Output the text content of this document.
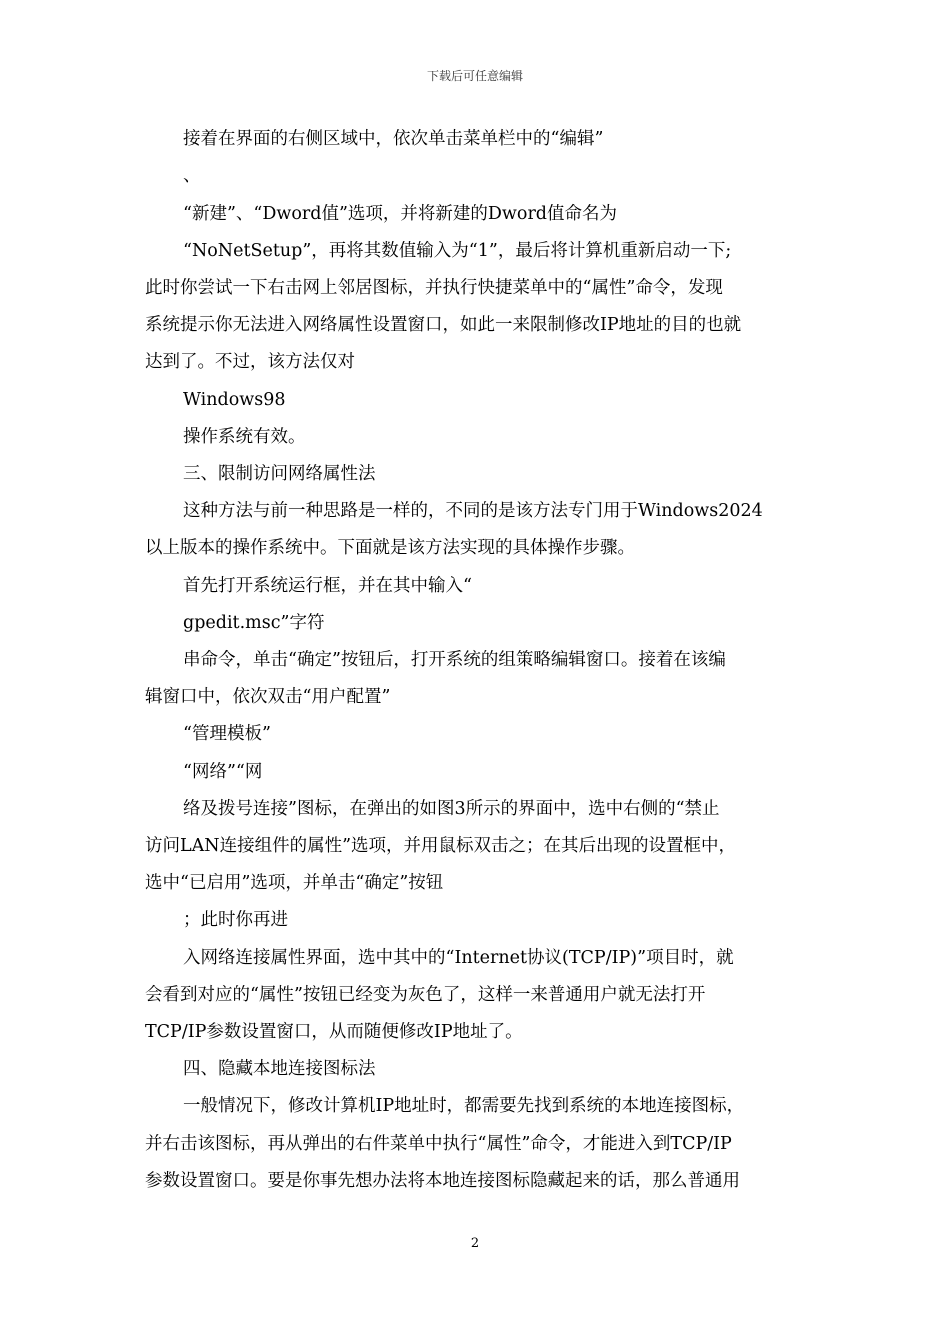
下载后可任意编辑
接着在界面的右侧区域中，依次单击菜单栏中的“编辑”
、
“新建”、“Dword值”选项，并将新建的Dword值命名为
“NoNetSetup”，再将其数值输入为“1”，最后将计算机重新启动一下;
此时你尝试一下右击网上邻居图标，并执行快捷菜单中的“属性”命令，发现
系统提示你无法进入网络属性设置窗口，如此一来限制修改IP地址的目的也就
达到了。不过，该方法仅对
Windows98
操作系统有效。
三、限制访问网络属性法
这种方法与前一种思路是一样的，不同的是该方法专门用于Windows2024
以上版本的操作系统中。下面就是该方法实现的具体操作步骤。
首先打开系统运行框，并在其中输入“
gpedit.msc”字符
串命令，单击“确定”按钮后，打开系统的组策略编辑窗口。接着在该编
辑窗口中，依次双击“用户配置”
“管理模板”
“网络”“网
络及拨号连接”图标，在弹出的如图3所示的界面中，选中右侧的“禁止
访问LAN连接组件的属性”选项，并用鼠标双击之；在其后出现的设置框中，
选中“已启用”选项，并单击“确定”按钮
；此时你再进
入网络连接属性界面，选中其中的“Internet协议(TCP/IP)”项目时，就
会看到对应的“属性”按钮已经变为灰色了，这样一来普通用户就无法打开
TCP/IP参数设置窗口，从而随便修改IP地址了。
四、隐藏本地连接图标法
一般情况下，修改计算机IP地址时，都需要先找到系统的本地连接图标，
并右击该图标，再从弹出的右件菜单中执行“属性”命令，才能进入到TCP/IP
参数设置窗口。要是你事先想办法将本地连接图标隐藏起来的话，那么普通用
2
